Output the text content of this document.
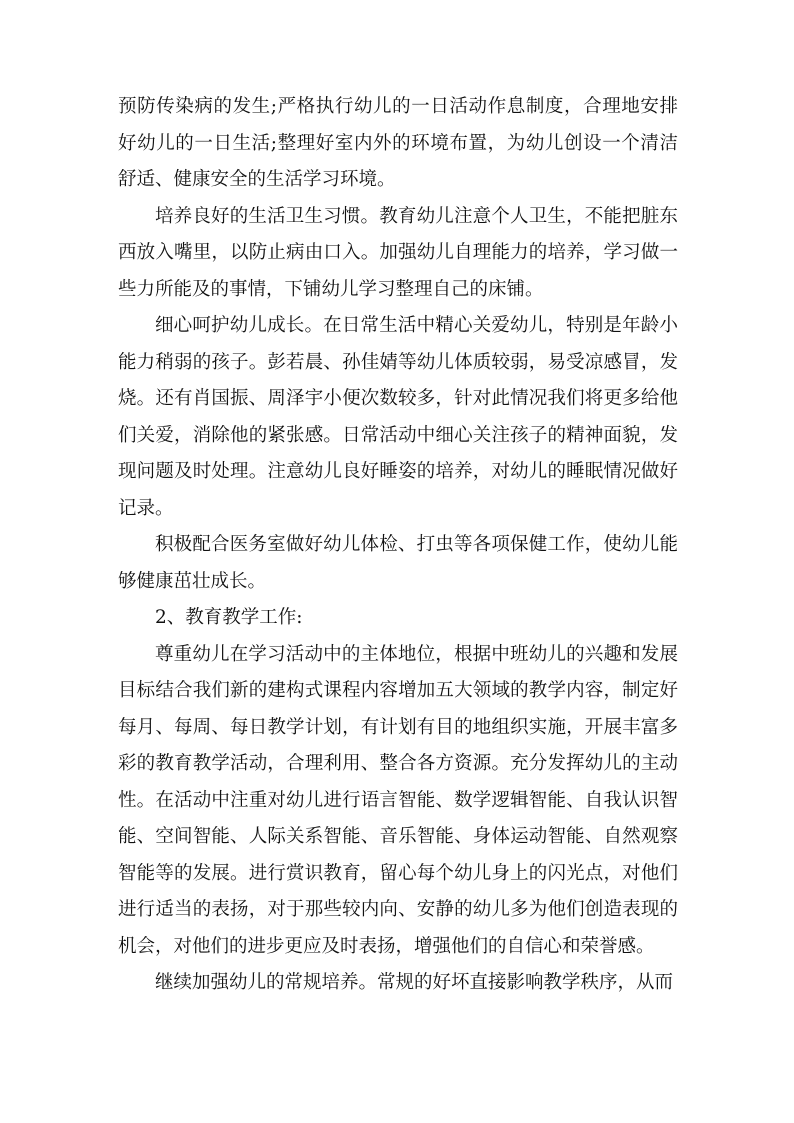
预防传染病的发生;严格执行幼儿的一日活动作息制度，合理地安排好幼儿的一日生活;整理好室内外的环境布置，为幼儿创设一个清洁舒适、健康安全的生活学习环境。

培养良好的生活卫生习惯。教育幼儿注意个人卫生，不能把脏东西放入嘴里，以防止病由口入。加强幼儿自理能力的培养，学习做一些力所能及的事情，下铺幼儿学习整理自己的床铺。

细心呵护幼儿成长。在日常生活中精心关爱幼儿，特别是年龄小能力稍弱的孩子。彭若晨、孙佳婧等幼儿体质较弱，易受凉感冒，发烧。还有肖国振、周泽宇小便次数较多，针对此情况我们将更多给他们关爱，消除他的紧张感。日常活动中细心关注孩子的精神面貌，发现问题及时处理。注意幼儿良好睡姿的培养，对幼儿的睡眠情况做好记录。

积极配合医务室做好幼儿体检、打虫等各项保健工作，使幼儿能够健康茁壮成长。

2、教育教学工作:

尊重幼儿在学习活动中的主体地位，根据中班幼儿的兴趣和发展目标结合我们新的建构式课程内容增加五大领域的教学内容，制定好每月、每周、每日教学计划，有计划有目的地组织实施，开展丰富多彩的教育教学活动，合理利用、整合各方资源。充分发挥幼儿的主动性。在活动中注重对幼儿进行语言智能、数学逻辑智能、自我认识智能、空间智能、人际关系智能、音乐智能、身体运动智能、自然观察智能等的发展。进行赏识教育，留心每个幼儿身上的闪光点，对他们进行适当的表扬，对于那些较内向、安静的幼儿多为他们创造表现的机会，对他们的进步更应及时表扬，增强他们的自信心和荣誉感。

继续加强幼儿的常规培养。常规的好坏直接影响教学秩序，从而
